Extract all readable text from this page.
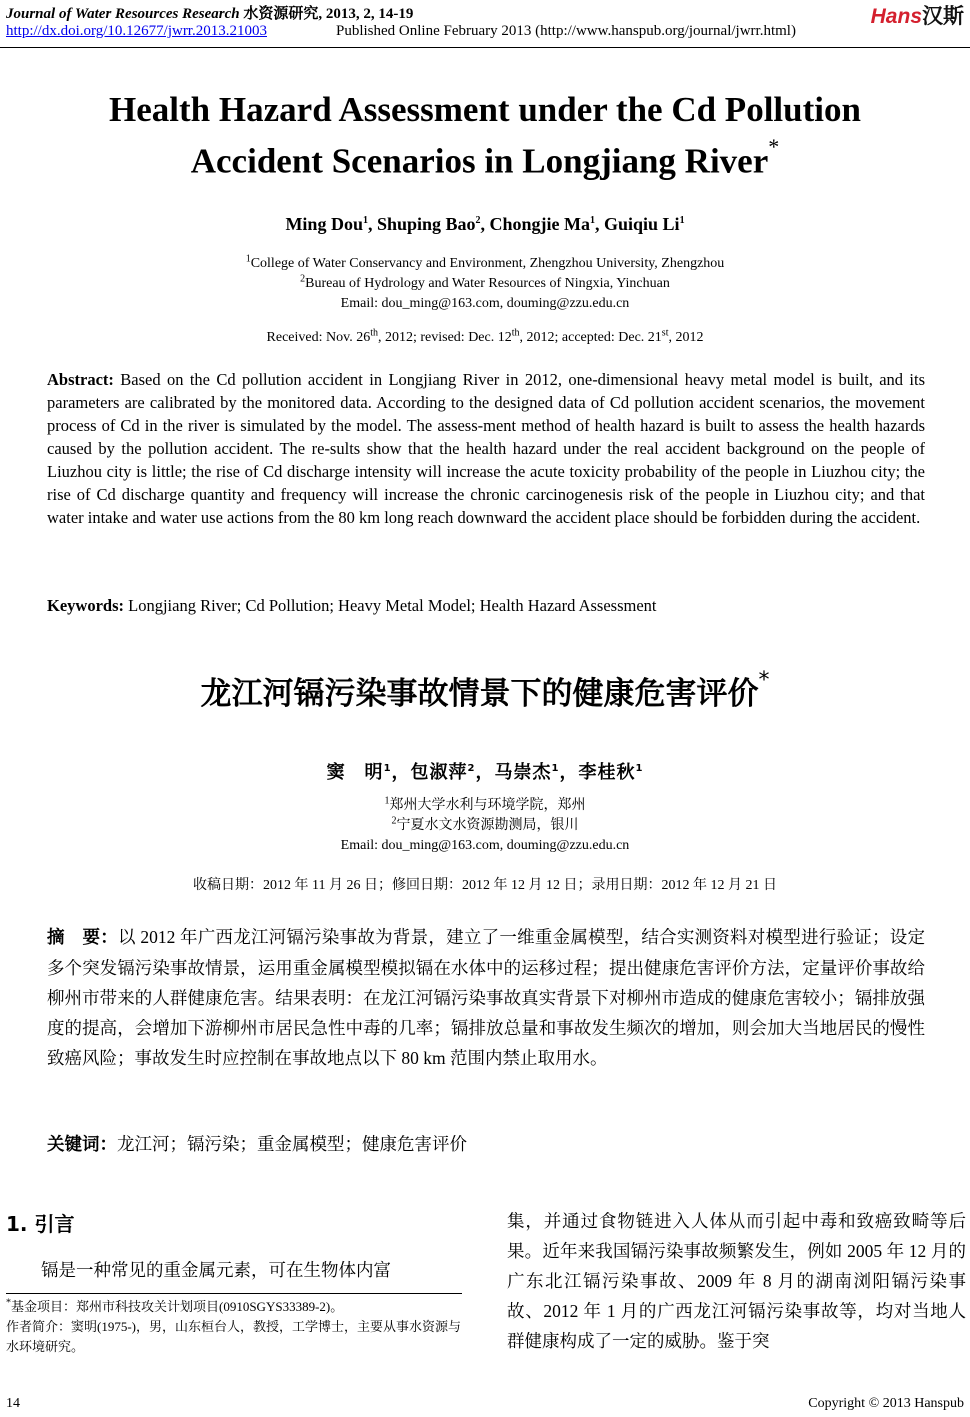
Journal of Water Resources Research 水资源研究, 2013, 2, 14-19
http://dx.doi.org/10.12677/jwrr.2013.21003	Published Online February 2013 (http://www.hanspub.org/journal/jwrr.html)
Hans汉斯
Health Hazard Assessment under the Cd Pollution
Accident Scenarios in Longjiang River*
Ming Dou$^1$, Shuping Bao$^2$, Chongjie Ma$^1$, Guiqiu Li$^1$
$^1$College of Water Conservancy and Environment, Zhengzhou University, Zhengzhou
$^2$Bureau of Hydrology and Water Resources of Ningxia, Yinchuan
Email: dou_ming@163.com, douming@zzu.edu.cn
Received: Nov. 26th, 2012; revised: Dec. 12th, 2012; accepted: Dec. 21st, 2012
Abstract: Based on the Cd pollution accident in Longjiang River in 2012, one-dimensional heavy metal model is built, and its parameters are calibrated by the monitored data. According to the designed data of Cd pollution accident scenarios, the movement process of Cd in the river is simulated by the model. The assess-ment method of health hazard is built to assess the health hazards caused by the pollution accident. The re-sults show that the health hazard under the real accident background on the people of Liuzhou city is little; the rise of Cd discharge intensity will increase the acute toxicity probability of the people in Liuzhou city; the rise of Cd discharge quantity and frequency will increase the chronic carcinogenesis risk of the people in Liuzhou city; and that water intake and water use actions from the 80 km long reach downward the accident place should be forbidden during the accident.
Keywords: Longjiang River; Cd Pollution; Heavy Metal Model; Health Hazard Assessment
龙江河镉污染事故情景下的健康危害评价*
窦　明$^1$，包淑萍$^2$，马崇杰$^1$，李桂秋$^1$
$^1$郑州大学水利与环境学院，郑州
$^2$宁夏水文水资源勘测局，银川
Email: dou_ming@163.com, douming@zzu.edu.cn
收稿日期：2012 年 11 月 26 日；修回日期：2012 年 12 月 12 日；录用日期：2012 年 12 月 21 日
摘　要：以 2012 年广西龙江河镉污染事故为背景，建立了一维重金属模型，结合实测资料对模型进行验证；设定多个突发镉污染事故情景，运用重金属模型模拟镉在水体中的运移过程；提出健康危害评价方法，定量评价事故给柳州市带来的人群健康危害。结果表明：在龙江河镉污染事故真实背景下对柳州市造成的健康危害较小；镉排放强度的提高，会增加下游柳州市居民急性中毒的几率；镉排放总量和事故发生频次的增加，则会加大当地居民的慢性致癌风险；事故发生时应控制在事故地点以下 80 km 范围内禁止取用水。
关键词：龙江河；镉污染；重金属模型；健康危害评价
1. 引言
镉是一种常见的重金属元素，可在生物体内富
集，并通过食物链进入人体从而引起中毒和致癌致畸等后果。近年来我国镉污染事故频繁发生，例如 2005 年 12 月的广东北江镉污染事故、2009 年 8 月的湖南浏阳镉污染事故、2012 年 1 月的广西龙江河镉污染事故等，均对当地人群健康构成了一定的威胁。鉴于突
*基金项目：郑州市科技攻关计划项目(0910SGYS33389-2)。
作者简介：窦明(1975-)，男，山东桓台人，教授，工学博士，主要从事水资源与水环境研究。
14	Copyright © 2013 Hanspub
